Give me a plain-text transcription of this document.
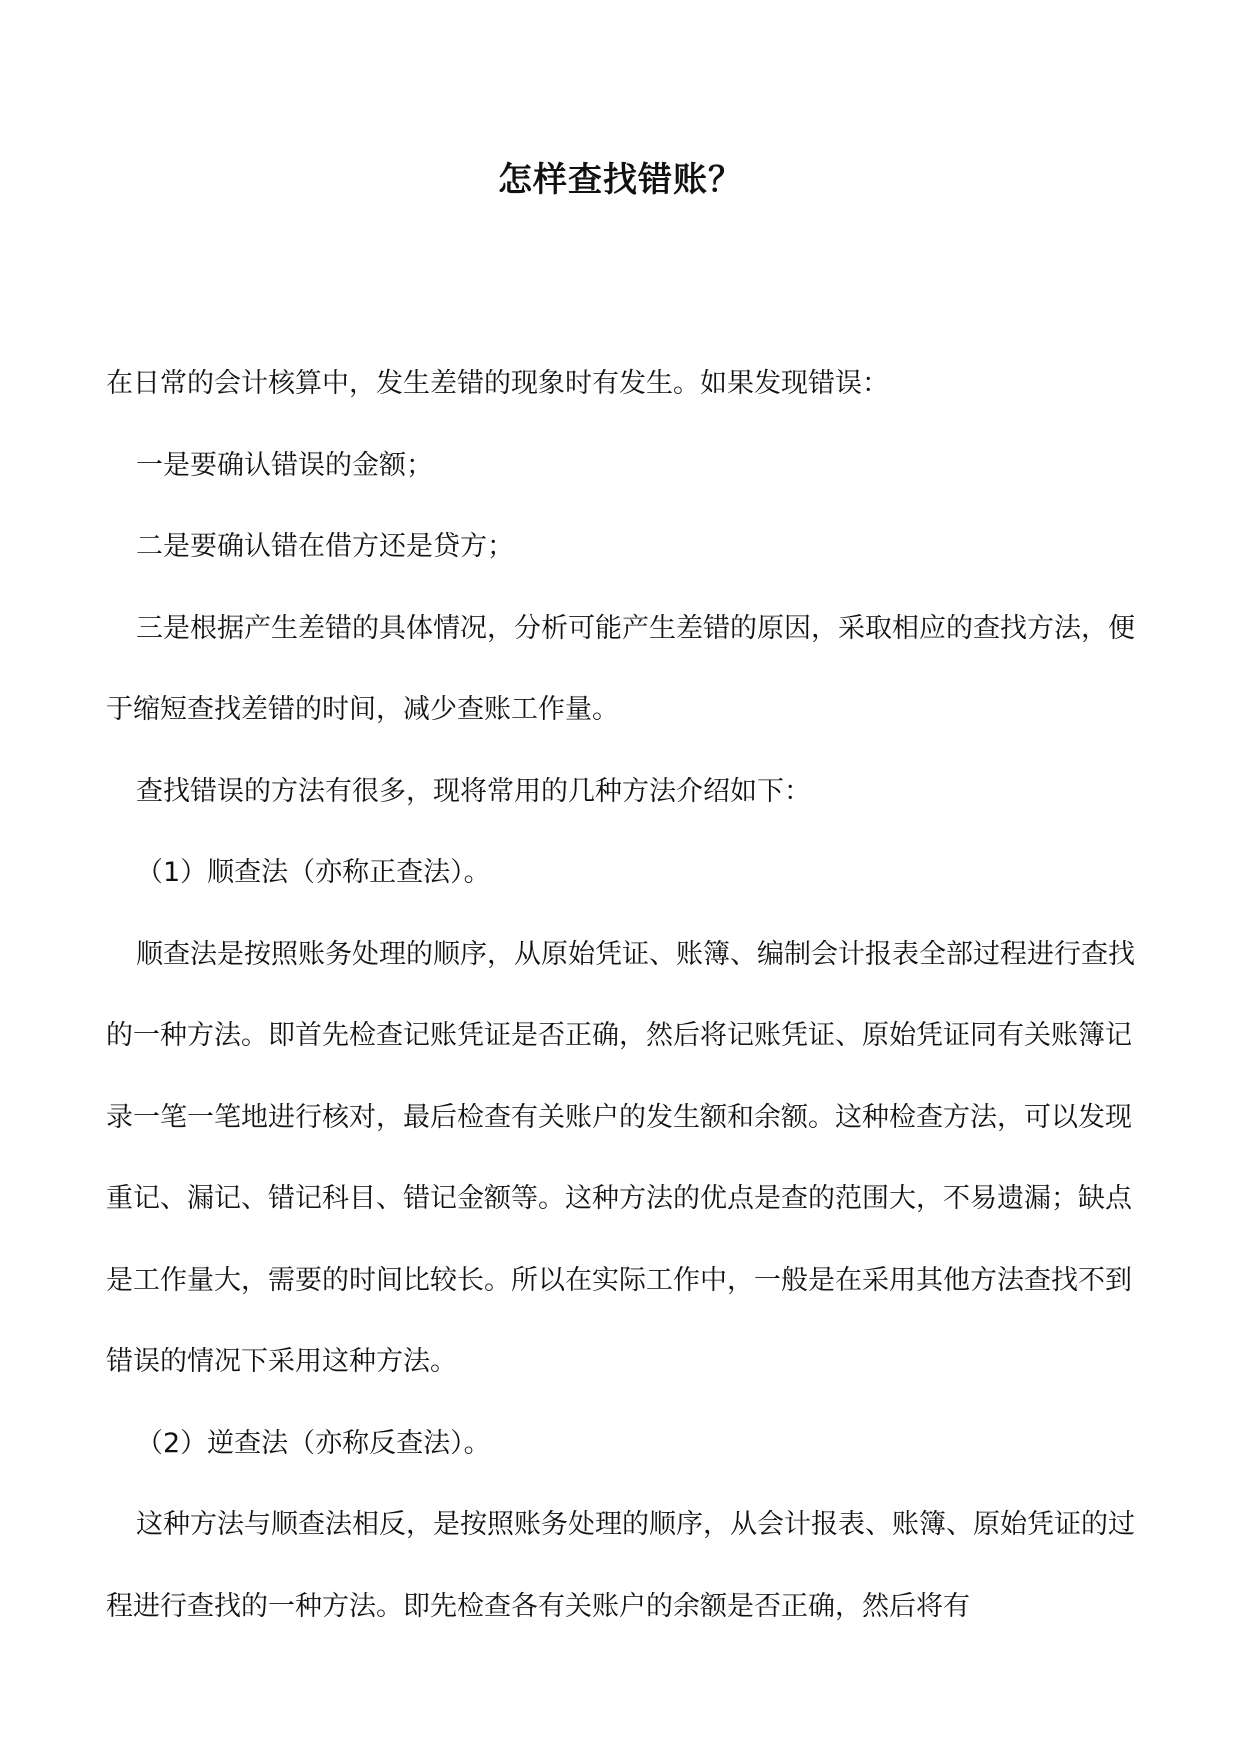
怎样查找错账？

在日常的会计核算中，发生差错的现象时有发生。如果发现错误：

一是要确认错误的金额；

二是要确认错在借方还是贷方；

三是根据产生差错的具体情况，分析可能产生差错的原因，采取相应的查找方法，便于缩短查找差错的时间，减少查账工作量。

查找错误的方法有很多，现将常用的几种方法介绍如下：

（1）顺查法（亦称正查法）。

顺查法是按照账务处理的顺序，从原始凭证、账簿、编制会计报表全部过程进行查找的一种方法。即首先检查记账凭证是否正确，然后将记账凭证、原始凭证同有关账簿记录一笔一笔地进行核对，最后检查有关账户的发生额和余额。这种检查方法，可以发现重记、漏记、错记科目、错记金额等。这种方法的优点是查的范围大，不易遗漏；缺点是工作量大，需要的时间比较长。所以在实际工作中，一般是在采用其他方法查找不到错误的情况下采用这种方法。

（2）逆查法（亦称反查法）。

这种方法与顺查法相反，是按照账务处理的顺序，从会计报表、账簿、原始凭证的过程进行查找的一种方法。即先检查各有关账户的余额是否正确，然后将有
